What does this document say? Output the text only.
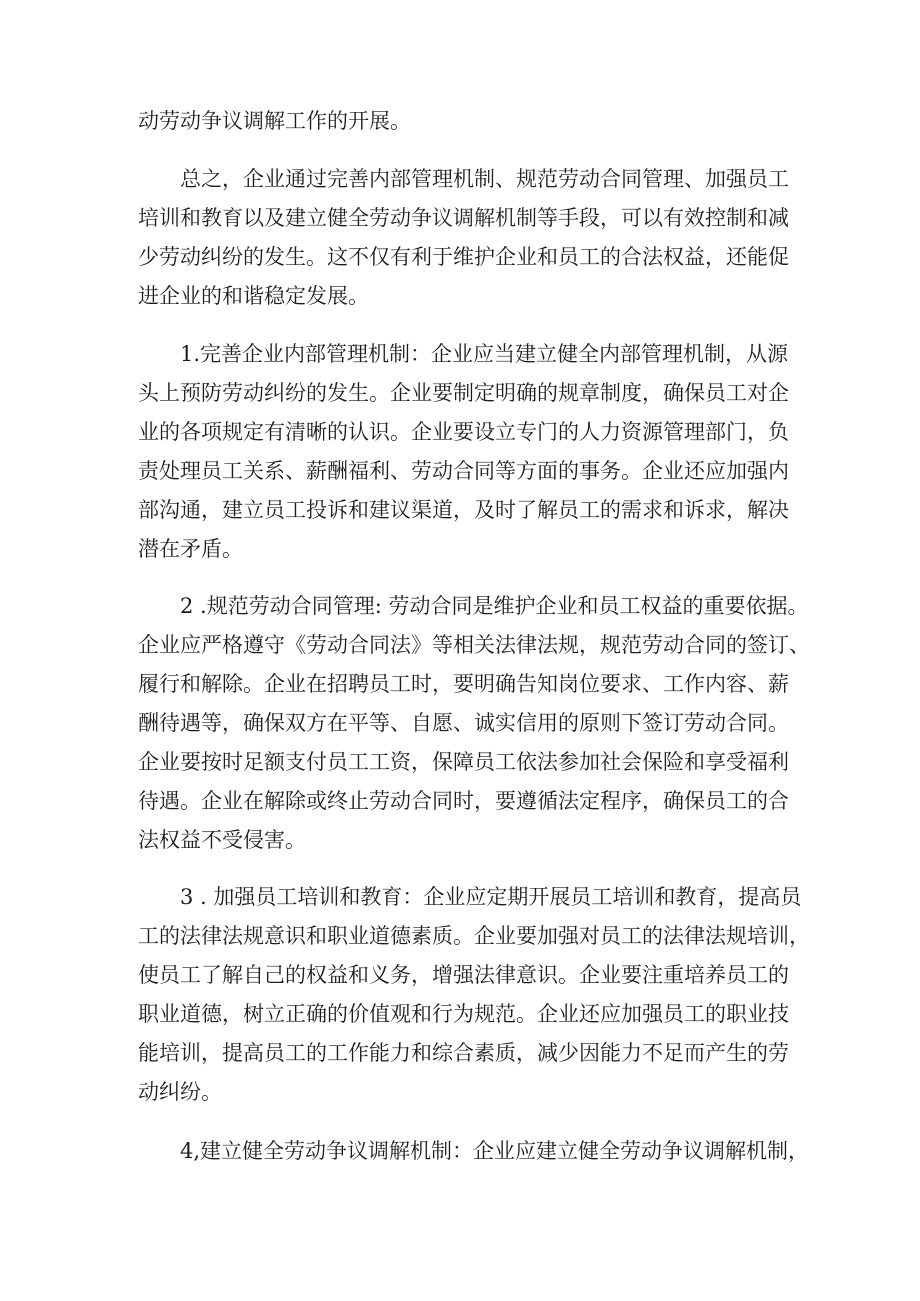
动劳动争议调解工作的开展。
总之，企业通过完善内部管理机制、规范劳动合同管理、加强员工
培训和教育以及建立健全劳动争议调解机制等手段，可以有效控制和减
少劳动纠纷的发生。这不仅有利于维护企业和员工的合法权益，还能促
进企业的和谐稳定发展。
1.完善企业内部管理机制：企业应当建立健全内部管理机制，从源
头上预防劳动纠纷的发生。企业要制定明确的规章制度，确保员工对企
业的各项规定有清晰的认识。企业要设立专门的人力资源管理部门，负
责处理员工关系、薪酬福利、劳动合同等方面的事务。企业还应加强内
部沟通，建立员工投诉和建议渠道，及时了解员工的需求和诉求，解决
潜在矛盾。
2 .规范劳动合同管理: 劳动合同是维护企业和员工权益的重要依据。
企业应严格遵守《劳动合同法》等相关法律法规，规范劳动合同的签订、
履行和解除。企业在招聘员工时，要明确告知岗位要求、工作内容、薪
酬待遇等，确保双方在平等、自愿、诚实信用的原则下签订劳动合同。
企业要按时足额支付员工工资，保障员工依法参加社会保险和享受福利
待遇。企业在解除或终止劳动合同时，要遵循法定程序，确保员工的合
法权益不受侵害。
3 . 加强员工培训和教育：企业应定期开展员工培训和教育，提高员
工的法律法规意识和职业道德素质。企业要加强对员工的法律法规培训，
使员工了解自己的权益和义务，增强法律意识。企业要注重培养员工的
职业道德，树立正确的价值观和行为规范。企业还应加强员工的职业技
能培训，提高员工的工作能力和综合素质，减少因能力不足而产生的劳
动纠纷。
4,建立健全劳动争议调解机制：企业应建立健全劳动争议调解机制，
